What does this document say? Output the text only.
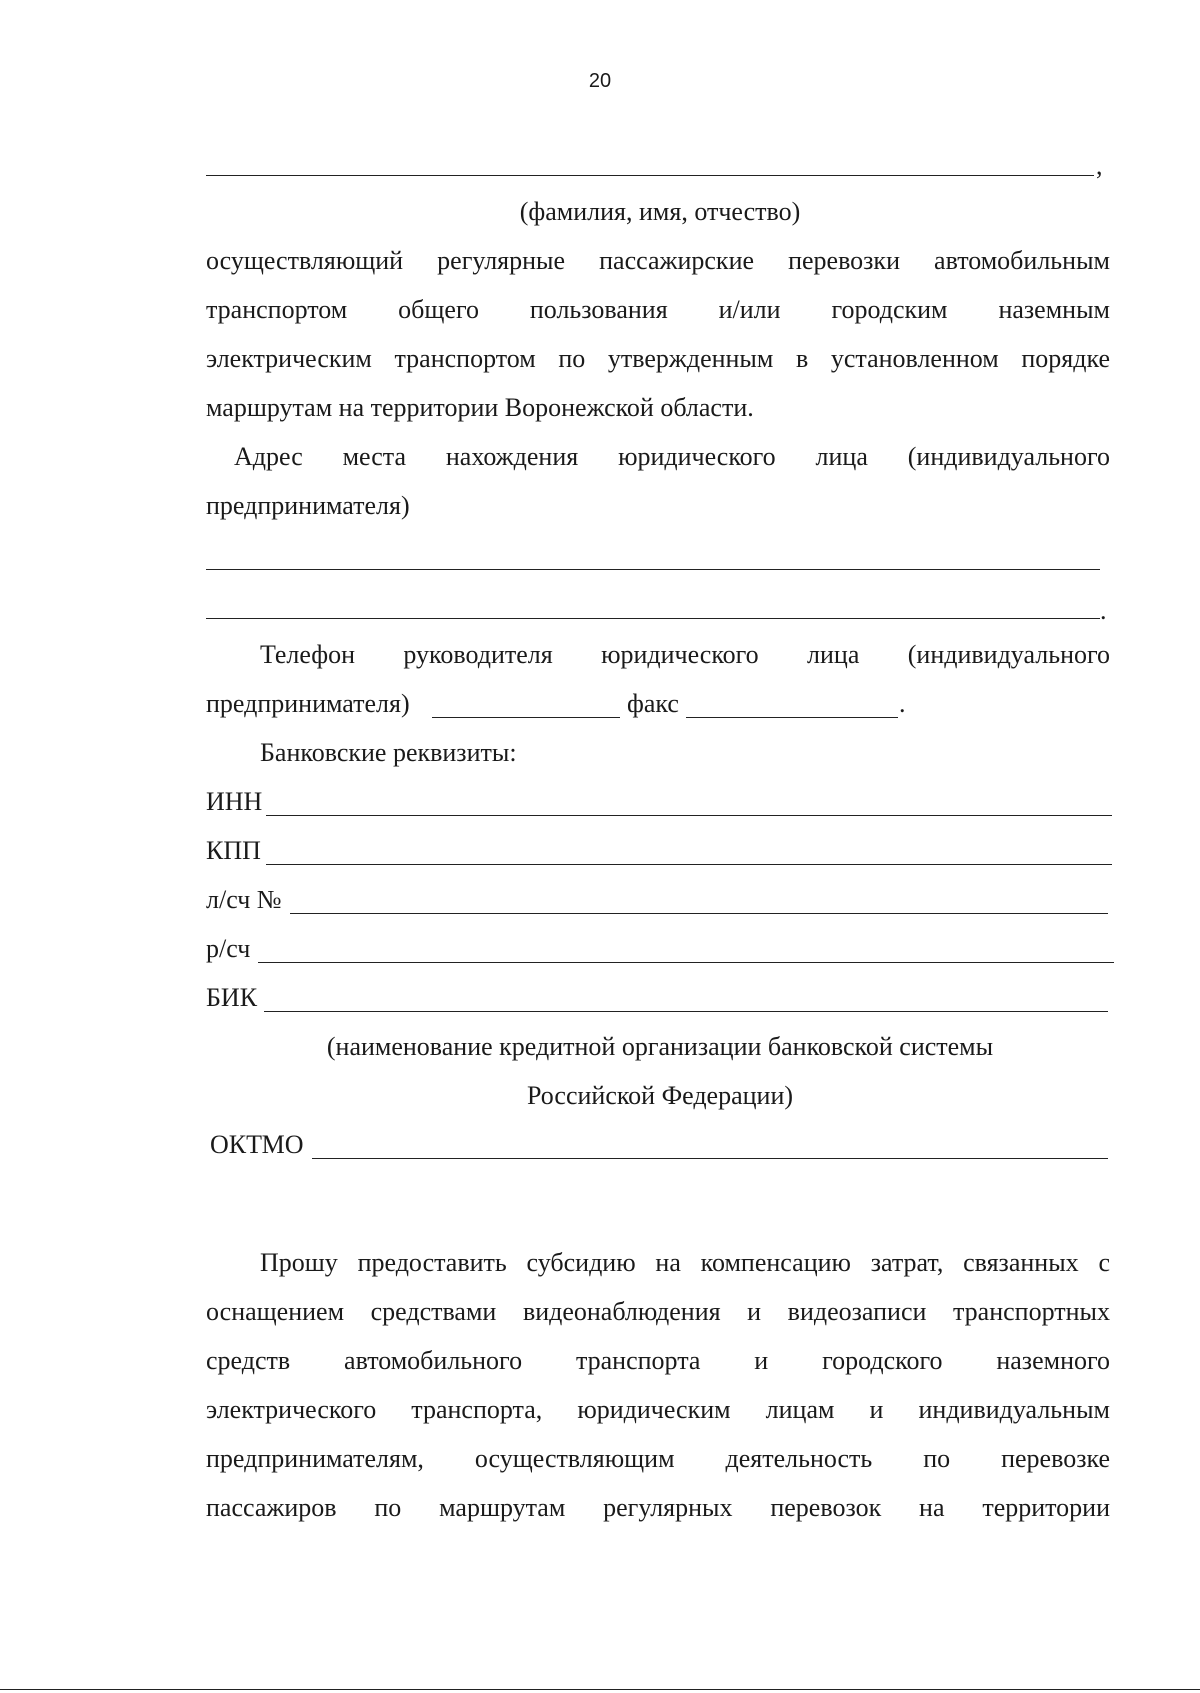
20
,
(фамилия, имя, отчество)
осуществляющий регулярные пассажирские перевозки автомобильным
транспортом общего пользования и/или городским наземным
электрическим транспортом по утвержденным в установленном порядке
маршрутам на территории Воронежской области.
Адрес места нахождения юридического лица (индивидуального
предпринимателя)
.
Телефон руководителя юридического лица (индивидуального
предпринимателя)	факс	.
Банковские реквизиты:
ИНН
КПП
л/сч №
р/сч
БИК
(наименование кредитной организации банковской системы
Российской Федерации)
ОКТМО
Прошу предоставить субсидию на компенсацию затрат, связанных с
оснащением средствами видеонаблюдения и видеозаписи транспортных
средств автомобильного транспорта и городского наземного
электрического транспорта, юридическим лицам и индивидуальным
предпринимателям, осуществляющим деятельность по перевозке
пассажиров по маршрутам регулярных перевозок на территории
